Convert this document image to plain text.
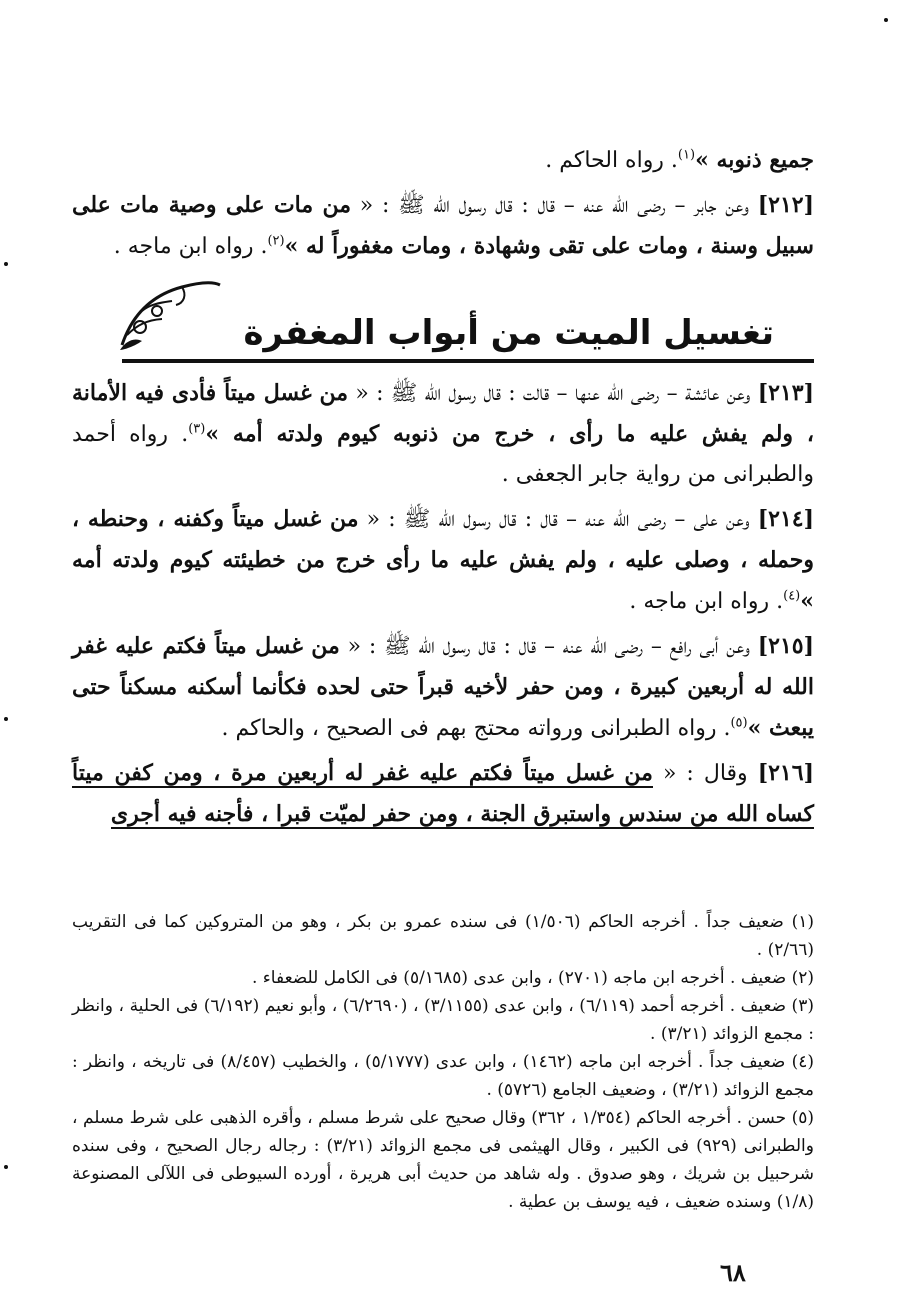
جميع ذنوبه »$^{(١)}$. رواه الحاكم .

[٢١٢] وعن جابر – رضى الله عنه – قال : قال رسول الله ﷺ : « من مات على وصية مات على سبيل وسنة ، ومات على تقى وشهادة ، ومات مغفوراً له »$^{(٢)}$. رواه ابن ماجه .

تغسيل الميت من أبواب المغفرة

[٢١٣] وعن عائشة – رضى الله عنها – قالت : قال رسول الله ﷺ : « من غسل ميتاً فأدى فيه الأمانة ، ولم يفش عليه ما رأى ، خرج من ذنوبه كيوم ولدته أمه »$^{(٣)}$. رواه أحمد والطبرانى من رواية جابر الجعفى .

[٢١٤] وعن على – رضى الله عنه – قال : قال رسول الله ﷺ : « من غسل ميتاً وكفنه ، وحنطه ، وحمله ، وصلى عليه ، ولم يفش عليه ما رأى خرج من خطيئته كيوم ولدته أمه »$^{(٤)}$. رواه ابن ماجه .

[٢١٥] وعن أبى رافع – رضى الله عنه – قال : قال رسول الله ﷺ : « من غسل ميتاً فكتم عليه غفر الله له أربعين كبيرة ، ومن حفر لأخيه قبراً حتى لحده فكأنما أسكنه مسكناً حتى يبعث »$^{(٥)}$. رواه الطبرانى ورواته محتج بهم فى الصحيح ، والحاكم .

[٢١٦] وقال : « من غسل ميتاً فكتم عليه غفر له أربعين مرة ، ومن كفن ميتاً كساه الله من سندس واستبرق الجنة ، ومن حفر لميّت قبرا ، فأجنه فيه أجرى

(١) ضعيف جداً . أخرجه الحاكم (١/٥٠٦) فى سنده عمرو بن بكر ، وهو من المتروكين كما فى التقريب (٢/٦٦) .

(٢) ضعيف . أخرجه ابن ماجه (٢٧٠١) ، وابن عدى (٥/١٦٨٥) فى الكامل للضعفاء .

(٣) ضعيف . أخرجه أحمد (٦/١١٩) ، وابن عدى (٣/١١٥٥) ، (٦/٢٦٩٠) ، وأبو نعيم (٦/١٩٢) فى الحلية ، وانظر : مجمع الزوائد (٣/٢١) .

(٤) ضعيف جداً . أخرجه ابن ماجه (١٤٦٢) ، وابن عدى (٥/١٧٧٧) ، والخطيب (٨/٤٥٧) فى تاريخه ، وانظر : مجمع الزوائد (٣/٢١) ، وضعيف الجامع (٥٧٢٦) .

(٥) حسن . أخرجه الحاكم (١/٣٥٤ ، ٣٦٢) وقال صحيح على شرط مسلم ، وأقره الذهبى على شرط مسلم ، والطبرانى (٩٢٩) فى الكبير ، وقال الهيثمى فى مجمع الزوائد (٣/٢١) : رجاله رجال الصحيح ، وفى سنده شرحبيل بن شريك ، وهو صدوق . وله شاهد من حديث أبى هريرة ، أورده السيوطى فى اللآلى المصنوعة (١/٨) وسنده ضعيف ، فيه يوسف بن عطية .

٦٨
